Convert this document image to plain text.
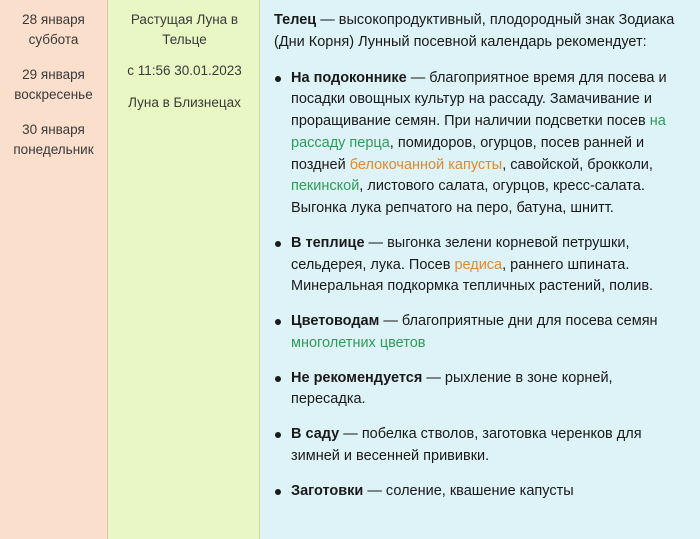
28 января
суббота
29 января
воскресенье
30 января
понедельник
Растущая Луна в Тельце
с 11:56 30.01.2023
Луна в Близнецах

Телец — высокопродуктивный, плодородный знак Зодиака (Дни Корня) Лунный посевной календарь рекомендует:

На подоконнике — благоприятное время для посева и посадки овощных культур на рассаду. Замачивание и проращивание семян. При наличии подсветки посев на рассаду перца, помидоров, огурцов, посев ранней и поздней белокочанной капусты, савойской, брокколи, пекинской, листового салата, огурцов, кресс-салата. Выгонка лука репчатого на перо, батуна, шнитт.
В теплице — выгонка зелени корневой петрушки, сельдерея, лука. Посев редиса, раннего шпината. Минеральная подкормка тепличных растений, полив.
Цветоводам — благоприятные дни для посева семян многолетних цветов
Не рекомендуется — рыхление в зоне корней, пересадка.
В саду — побелка стволов, заготовка черенков для зимней и весенней прививки.
Заготовки — соление, квашение капусты
